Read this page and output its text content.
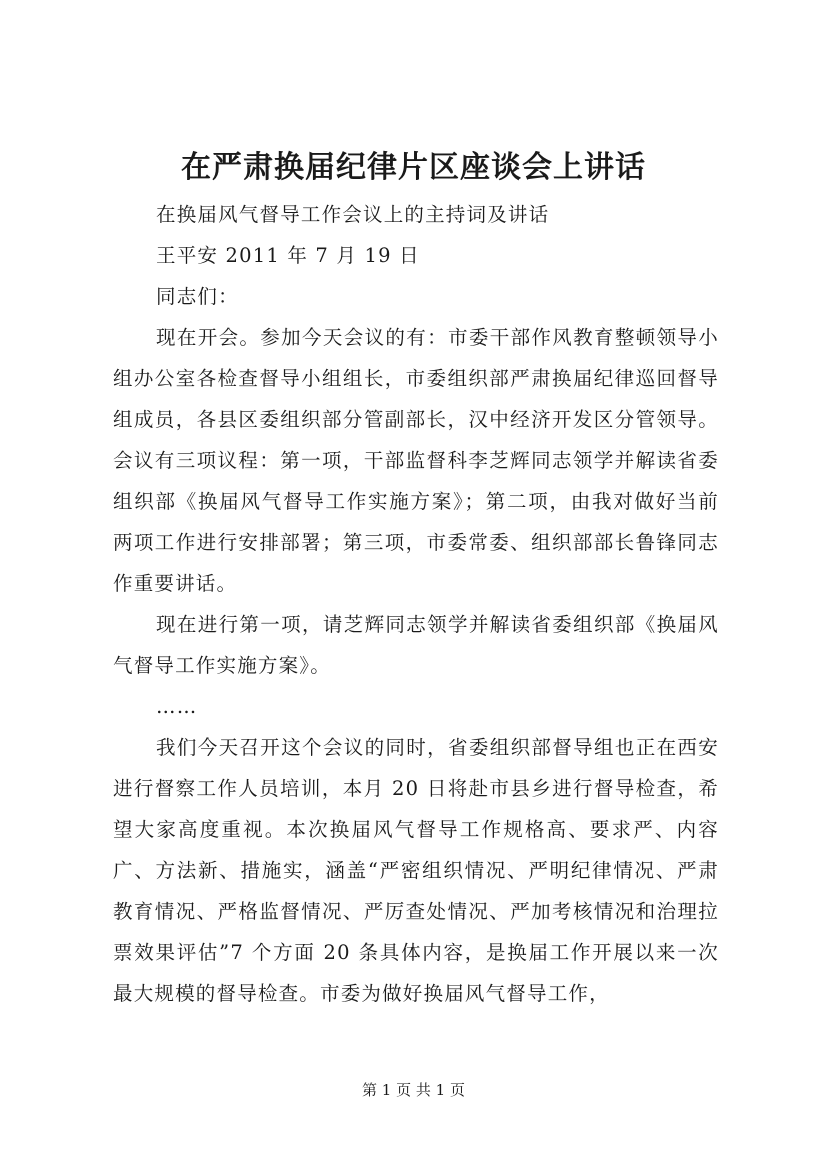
在严肃换届纪律片区座谈会上讲话
在换届风气督导工作会议上的主持词及讲话
王平安 2011 年 7 月 19 日
同志们：

现在开会。参加今天会议的有：市委干部作风教育整顿领导小组办公室各检查督导小组组长，市委组织部严肃换届纪律巡回督导组成员，各县区委组织部分管副部长，汉中经济开发区分管领导。会议有三项议程：第一项，干部监督科李芝辉同志领学并解读省委组织部《换届风气督导工作实施方案》；第二项，由我对做好当前两项工作进行安排部署；第三项，市委常委、组织部部长鲁锋同志作重要讲话。

现在进行第一项，请芝辉同志领学并解读省委组织部《换届风气督导工作实施方案》。

……

我们今天召开这个会议的同时，省委组织部督导组也正在西安进行督察工作人员培训，本月 20 日将赴市县乡进行督导检查，希望大家高度重视。本次换届风气督导工作规格高、要求严、内容广、方法新、措施实，涵盖“严密组织情况、严明纪律情况、严肃教育情况、严格监督情况、严厉查处情况、严加考核情况和治理拉票效果评估”7 个方面 20 条具体内容，是换届工作开展以来一次最大规模的督导检查。市委为做好换届风气督导工作，

第 1 页 共 1 页
